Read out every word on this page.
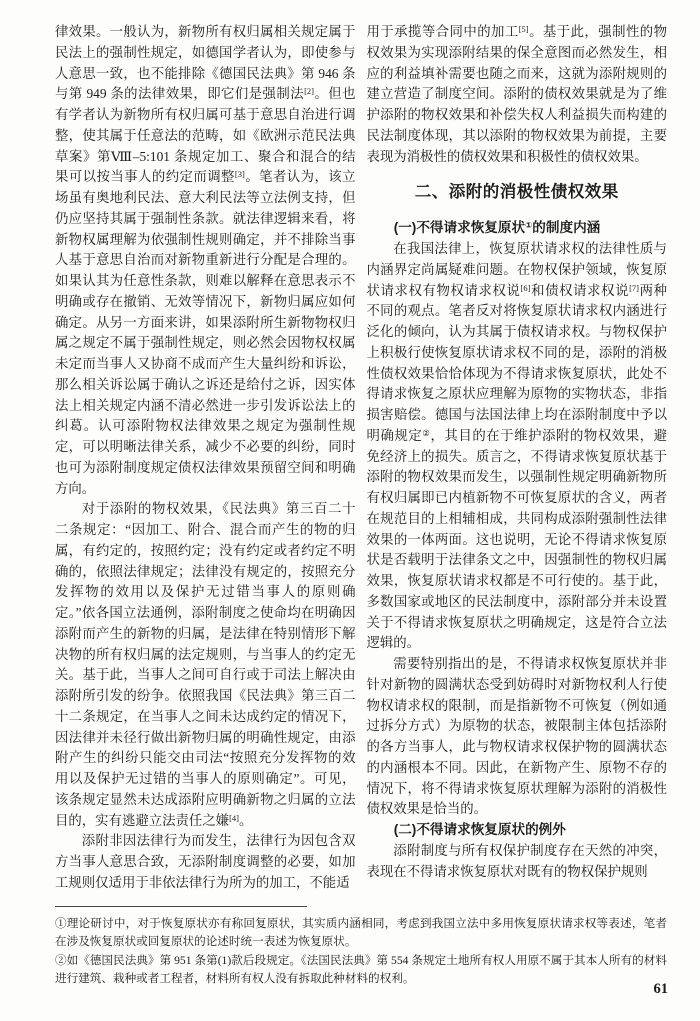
律效果。一般认为，新物所有权归属相关规定属于民法上的强制性规定，如德国学者认为，即使参与人意思一致，也不能排除《德国民法典》第 946 条与第 949 条的法律效果，即它们是强制法[2]。但也有学者认为新物所有权归属可基于意思自治进行调整，使其属于任意法的范畴，如《欧洲示范民法典草案》第Ⅷ–5:101 条规定加工、聚合和混合的结果可以按当事人的约定而调整[3]。笔者认为，该立场虽有奥地利民法、意大利民法等立法例支持，但仍应坚持其属于强制性条款。就法律逻辑来看，将新物权属理解为依强制性规则确定，并不排除当事人基于意思自治而对新物重新进行分配是合理的。如果认其为任意性条款，则难以解释在意思表示不明确或存在撤销、无效等情况下，新物归属应如何确定。从另一方面来讲，如果添附所生新物物权归属之规定不属于强制性规定，则必然会因物权权属未定而当事人又协商不成而产生大量纠纷和诉讼，那么相关诉讼属于确认之诉还是给付之诉，因实体法上相关规定内涵不清必然进一步引发诉讼法上的纠葛。认可添附物权法律效果之规定为强制性规定，可以明晰法律关系，减少不必要的纠纷，同时也可为添附制度规定债权法律效果预留空间和明确方向。

对于添附的物权效果，《民法典》第三百二十二条规定：“因加工、附合、混合而产生的物的归属，有约定的，按照约定；没有约定或者约定不明确的，依照法律规定；法律没有规定的，按照充分发挥物的效用以及保护无过错当事人的原则确定。”依各国立法通例，添附制度之使命均在明确因添附而产生的新物的归属，是法律在特别情形下解决物的所有权归属的法定规则，与当事人的约定无关。基于此，当事人之间可自行或于司法上解决由添附所引发的纷争。依照我国《民法典》第三百二十二条规定，在当事人之间未达成约定的情况下，因法律并未径行做出新物归属的明确性规定，由添附产生的纠纷只能交由司法“按照充分发挥物的效用以及保护无过错的当事人的原则确定”。可见，该条规定显然未达成添附应明确新物之归属的立法目的，实有逃避立法责任之嫌[4]。

添附非因法律行为而发生，法律行为因包含双方当事人意思合致，无添附制度调整的必要，如加工规则仅适用于非依法律行为所为的加工，不能适

用于承揽等合同中的加工[5]。基于此，强制性的物权效果为实现添附结果的保全意图而必然发生，相应的利益填补需要也随之而来，这就为添附规则的建立营造了制度空间。添附的债权效果就是为了维护添附的物权效果和补偿失权人利益损失而构建的民法制度体现，其以添附的物权效果为前提，主要表现为消极性的债权效果和积极性的债权效果。

二、添附的消极性债权效果
(一)不得请求恢复原状①的制度内涵

在我国法律上，恢复原状请求权的法律性质与内涵界定尚属疑难问题。在物权保护领域，恢复原状请求权有物权请求权说[6]和债权请求权说[7]两种不同的观点。笔者反对将恢复原状请求权内涵进行泛化的倾向，认为其属于债权请求权。与物权保护上积极行使恢复原状请求权不同的是，添附的消极性债权效果恰恰体现为不得请求恢复原状，此处不得请求恢复之原状应理解为原物的实物状态，非指损害赔偿。德国与法国法律上均在添附制度中予以明确规定②，其目的在于维护添附的物权效果，避免经济上的损失。质言之，不得请求恢复原状基于添附的物权效果而发生，以强制性规定明确新物所有权归属即已内植新物不可恢复原状的含义，两者在规范目的上相辅相成，共同构成添附强制性法律效果的一体两面。这也说明，无论不得请求恢复原状是否载明于法律条文之中，因强制性的物权归属效果，恢复原状请求权都是不可行使的。基于此，多数国家或地区的民法制度中，添附部分并未设置关于不得请求恢复原状之明确规定，这是符合立法逻辑的。

需要特别指出的是，不得请求权恢复原状并非针对新物的圆满状态受到妨碍时对新物权利人行使物权请求权的限制，而是指新物不可恢复（例如通过拆分方式）为原物的状态，被限制主体包括添附的各方当事人，此与物权请求权保护物的圆满状态的内涵根本不同。因此，在新物产生、原物不存的情况下，将不得请求恢复原状理解为添附的消极性债权效果是恰当的。

(二)不得请求恢复原状的例外

添附制度与所有权保护制度存在天然的冲突，表现在不得请求恢复原状对既有的物权保护规则

①理论研讨中，对于恢复原状亦有称回复原状，其实质内涵相同，考虑到我国立法中多用恢复原状请求权等表述，笔者在涉及恢复原状或回复原状的论述时统一表述为恢复原状。

②如《德国民法典》第 951 条第(1)款后段规定。《法国民法典》第 554 条规定土地所有权人用原不属于其本人所有的材料进行建筑、栽种或者工程者，材料所有权人没有拆取此种材料的权利。

61
